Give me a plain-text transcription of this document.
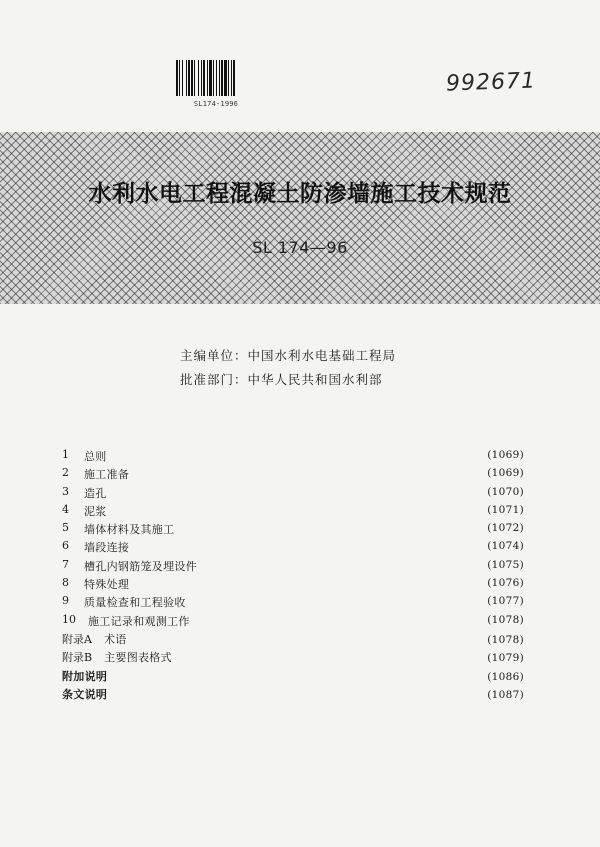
SL174-1996
992671
水利水电工程混凝土防渗墙施工技术规范
SL 174—96
主编单位：中国水利水电基础工程局
批准部门：中华人民共和国水利部
1	总则	(1069)
2	施工准备	(1069)
3	造孔	(1070)
4	泥浆	(1071)
5	墙体材料及其施工	(1072)
6	墙段连接	(1074)
7	槽孔内钢筋笼及埋设件	(1075)
8	特殊处理	(1076)
9	质量检查和工程验收	(1077)
10	施工记录和观测工作	(1078)
附录A 术语	(1078)
附录B 主要图表格式	(1079)
附加说明	(1086)
条文说明	(1087)
